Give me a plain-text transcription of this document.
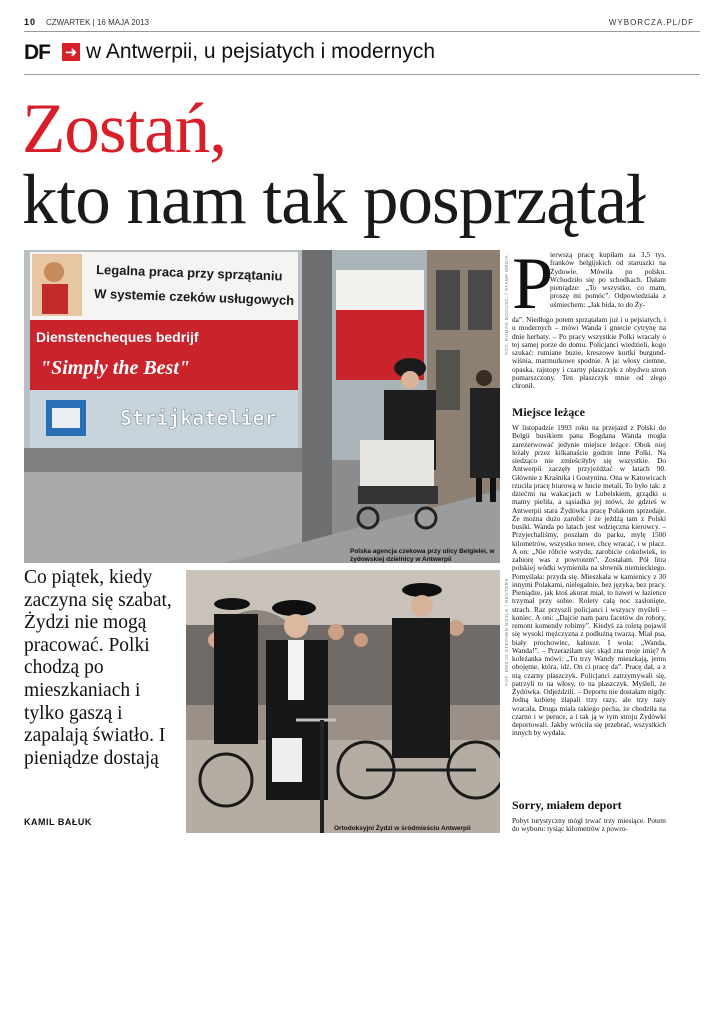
10 CZWARTEK | 16 MAJA 2013	WYBORCZA.PL/DF
DF ➜ w Antwerpii, u pejsiatych i modernych
Zostań,
kto nam tak posprzątał
Legalna praca przy sprzątaniu
W systemie czeków usługowych
Dienstencheques bedrijf
"Simply the Best"
Strijkatelier
Polska agencja czekowa przy ulicy Belgielei, w żydowskiej dzielnicy w Antwerpii
FOT. ROMAN BOGUSZ. / STAMP MEDIA
Ortodoksyjni Żydzi w śródmieściu Antwerpii
FOT. EMILIO STEPHEN BOYLE / REUTERS
Co piątek, kiedy zaczyna się szabat, Żydzi nie mogą pracować. Polki chodzą po mieszkaniach i tylko gaszą i zapalają światło. I pieniądze dostają
KAMIL BAŁUK
P
ierwszą pracę kupiłam za 3,5 tys. franków belgijskich od staruszki na Żydowie. Mówiła po polsku. Wchodziło się po schodkach. Dałam pieniądze: „To wszystko, co mam, proszę mi pomóc”. Odpowiedziała z uśmiechem: „Jak bida, to do Ży-
da”. Niedługo potem sprzątałam już i u pejsiatych, i u modernych – mówi Wanda i gniecie cytrynę na dnie herbaty. – Po pracy wszystkie Polki wracały o tej samej porze do domu. Policjanci wiedzieli, kogo szukać: rumiane buzie, kreszowe kurtki burgund-wiśnia, marmurkowe spodnie. A ja: włosy ciemne, opaska, rajstopy i czarny płaszczyk z obydwu stron pomarszczony. Ten płaszczyk mnie od złego chronił.
Miejsce leżące
W listopadzie 1993 roku na przejazd z Polski do Belgii busikiem pana Bogdana Wanda mogła zarezerwować jedynie miejsce leżące. Obok niej leżały przez kilkanaście godzin inne Polki. Na siedząco nie zmieściłyby się wszystkie. Do Antwerpii zaczęły przyjeżdżać w latach 90. Głównie z Kraśnika i Gostynina. Ona w Katowicach rzuciła pracę biurową w hucie metali. To było tak: z dziećmi na wakacjach w Lubelskiem, grządki u mamy pieliła, a sąsiadka jej mówi, że gdzieś w Antwerpii stara Żydówka pracę Polakom sprzedaje. Że można dużo zarobić i że jeżdżą tam z Polski busiki. Wanda po latach jest wdzięczna kierowcy. – Przyjechaliśmy, poszłam do parku, mylę 1500 kilometrów, wszystko nowe, chcę wracać, i w płacz. A on: „Nie róbcie wstydu, zarobicie cokolwiek, to zabiorę was z powrotem”. Zostałam. Pół litra polskiej wódki wymieniła na słownik niemieckiego. Pomyślała: przyda się. Mieszkała w kamienicy z 30 innymi Polakami, nielegalnie, bez języka, bez pracy. Pieniądze, jak ktoś akurat miał, to nawet w łazience trzymał przy sobie. Rolety całą noc zasłonięte, strach. Raz przyszli policjanci i wszyscy myśleli – koniec. A oni: „Dajcie nam paru facetów do roboty, remont komendy robimy”. Kiedyś za roletą pojawił się wysoki mężczyzna z podłużną twarzą. Miał psa, biały prochowiec, kalosze. I woła: „Wanda, Wanda!”. – Przeraziłam się: skąd zna moje imię? A koleżanka mówi: „Tu trzy Wandy mieszkają, jemu obojętne, która, idź. On ci pracę da”. Pracę dał, a z nią czarny płaszczyk. Policjanci zatrzymywali się, patrzyli to na włosy, to na płaszczyk. Myśleli, że Żydówka. Odjeździli. – Deportu nie dostałam nigdy. Jedną kobietę złapali trzy razy, ale trzy razy wracała. Druga miała takiego pecha, że chodziła na czarno i w peruce, a i tak ją w tym stroju Żydówki deportowali. Jakby wróciła się przebrać, wszystkich innych by wydała.
Sorry, miałem deport
Pobyt turystyczny mógł trwać trzy miesiące. Potem do wyboru: tysiąc kilometrów z powro-
